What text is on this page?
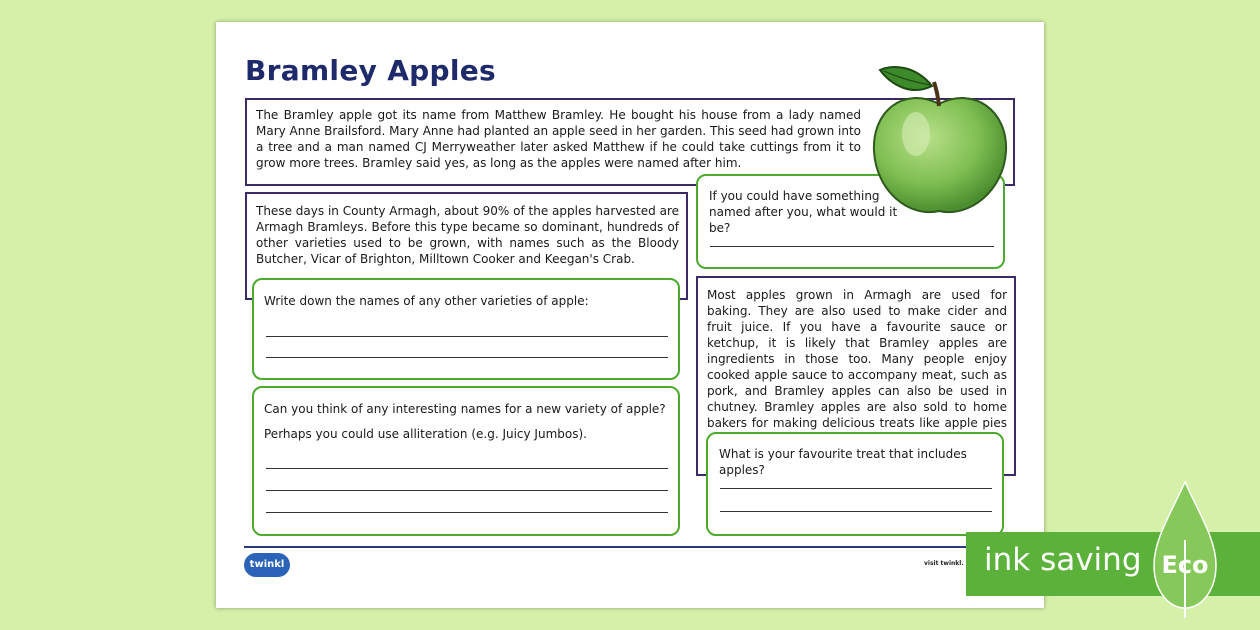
Bramley Apples
The Bramley apple got its name from Matthew Bramley. He bought his house from a lady named Mary Anne Brailsford. Mary Anne had planted an apple seed in her garden. This seed had grown into a tree and a man named CJ Merryweather later asked Matthew if he could take cuttings from it to grow more trees. Bramley said yes, as long as the apples were named after him.
If you could have something named after you, what would it be?
These days in County Armagh, about 90% of the apples harvested are Armagh Bramleys. Before this type became so dominant, hundreds of other varieties used to be grown, with names such as the Bloody Butcher, Vicar of Brighton, Milltown Cooker and Keegan's Crab.
Write down the names of any other varieties of apple:	Most apples grown in Armagh are used for baking. They are also used to make cider and fruit juice. If you have a favourite sauce or ketchup, it is likely that Bramley apples are ingredients in those too. Many people enjoy cooked apple sauce to accompany meat, such as pork, and Bramley apples can also be used in chutney. Bramley apples are also sold to home bakers for making delicious treats like apple pies
Can you think of any interesting names for a new variety of apple?
Perhaps you could use alliteration (e.g. Juicy Jumbos).
What is your favourite treat that includes apples?
twinkl	visit twinkl. ink saving Eco
